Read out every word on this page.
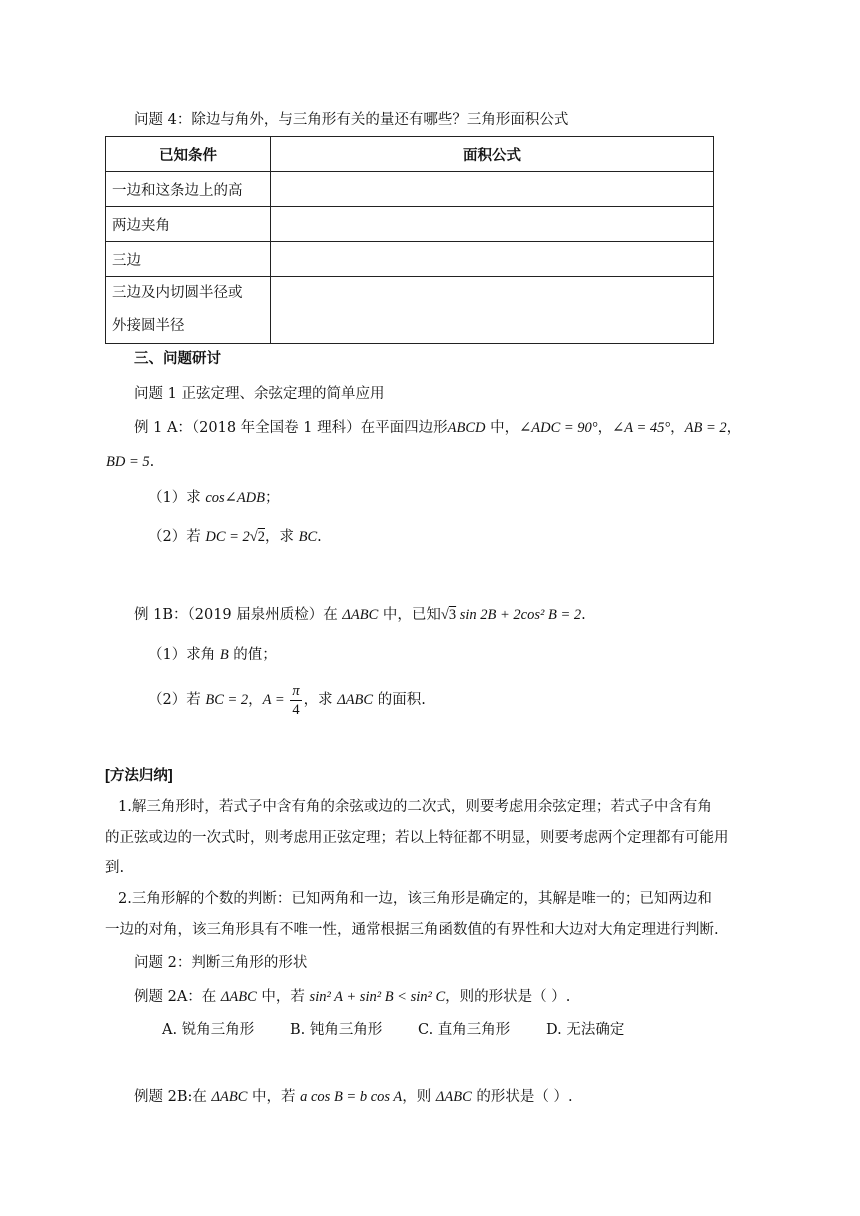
问题 4：除边与角外，与三角形有关的量还有哪些？三角形面积公式
已知条件	面积公式
一边和这条边上的高	
两边夹角	
三边	
三边及内切圆半径或
外接圆半径	
三、问题研讨
问题 1 正弦定理、余弦定理的简单应用
例 1 A：（2018 年全国卷 1 理科）在平面四边形ABCD 中，∠ADC = 90°，∠A = 45°，AB = 2，
BD = 5.
（1）求 cos∠ADB；
（2）若 DC = 2√2，求 BC.
例 1B：（2019 届泉州质检）在 ΔABC 中，已知√3 sin 2B + 2cos² B = 2.
（1）求角 B 的值；
（2）若 BC = 2，$A = \frac{\pi}{4}$ ，求 ΔABC 的面积.
[方法归纳]
1.解三角形时，若式子中含有角的余弦或边的二次式，则要考虑用余弦定理；若式子中含有角
的正弦或边的一次式时，则考虑用正弦定理；若以上特征都不明显，则要考虑两个定理都有可能用
到.
2.三角形解的个数的判断：已知两角和一边，该三角形是确定的，其解是唯一的；已知两边和
一边的对角，该三角形具有不唯一性，通常根据三角函数值的有界性和大边对大角定理进行判断.
问题 2：判断三角形的形状
例题 2A：在 ΔABC 中，若 sin² A + sin² B < sin² C，则的形状是（ ）.
A. 锐角三角形 B. 钝角三角形 C. 直角三角形 D. 无法确定
例题 2B:在 ΔABC 中，若 a cos B = b cos A，则 ΔABC 的形状是（ ）.
